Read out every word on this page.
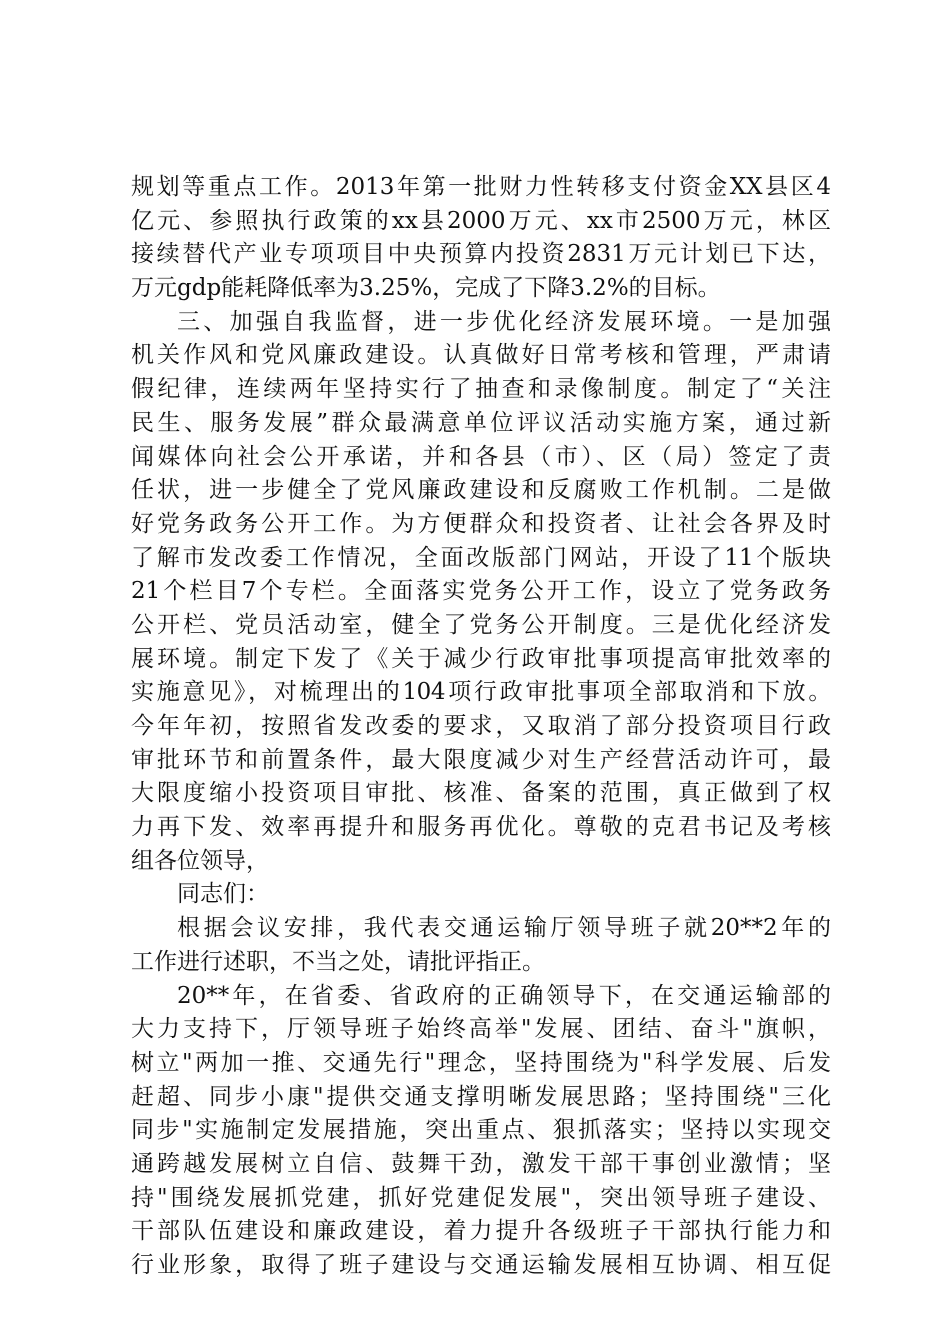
规划等重点工作。2013年第一批财力性转移支付资金XX县区4
亿元、参照执行政策的xx县2000万元、xx市2500万元，林区
接续替代产业专项项目中央预算内投资2831万元计划已下达，
万元gdp能耗降低率为3.25%，完成了下降3.2%的目标。
三、加强自我监督，进一步优化经济发展环境。一是加强
机关作风和党风廉政建设。认真做好日常考核和管理，严肃请
假纪律，连续两年坚持实行了抽查和录像制度。制定了“关注
民生、服务发展”群众最满意单位评议活动实施方案，通过新
闻媒体向社会公开承诺，并和各县（市）、区（局）签定了责
任状，进一步健全了党风廉政建设和反腐败工作机制。二是做
好党务政务公开工作。为方便群众和投资者、让社会各界及时
了解市发改委工作情况，全面改版部门网站，开设了11个版块
21个栏目7个专栏。全面落实党务公开工作，设立了党务政务
公开栏、党员活动室，健全了党务公开制度。三是优化经济发
展环境。制定下发了《关于减少行政审批事项提高审批效率的
实施意见》，对梳理出的104项行政审批事项全部取消和下放。
今年年初，按照省发改委的要求，又取消了部分投资项目行政
审批环节和前置条件，最大限度减少对生产经营活动许可，最
大限度缩小投资项目审批、核准、备案的范围，真正做到了权
力再下发、效率再提升和服务再优化。尊敬的克君书记及考核
组各位领导，
同志们：
根据会议安排，我代表交通运输厅领导班子就20**2年的
工作进行述职，不当之处，请批评指正。
20**年，在省委、省政府的正确领导下，在交通运输部的
大力支持下，厅领导班子始终高举"发展、团结、奋斗"旗帜，
树立"两加一推、交通先行"理念，坚持围绕为"科学发展、后发
赶超、同步小康"提供交通支撑明晰发展思路；坚持围绕"三化
同步"实施制定发展措施，突出重点、狠抓落实；坚持以实现交
通跨越发展树立自信、鼓舞干劲，激发干部干事创业激情；坚
持"围绕发展抓党建，抓好党建促发展"，突出领导班子建设、
干部队伍建设和廉政建设，着力提升各级班子干部执行能力和
行业形象，取得了班子建设与交通运输发展相互协调、相互促
